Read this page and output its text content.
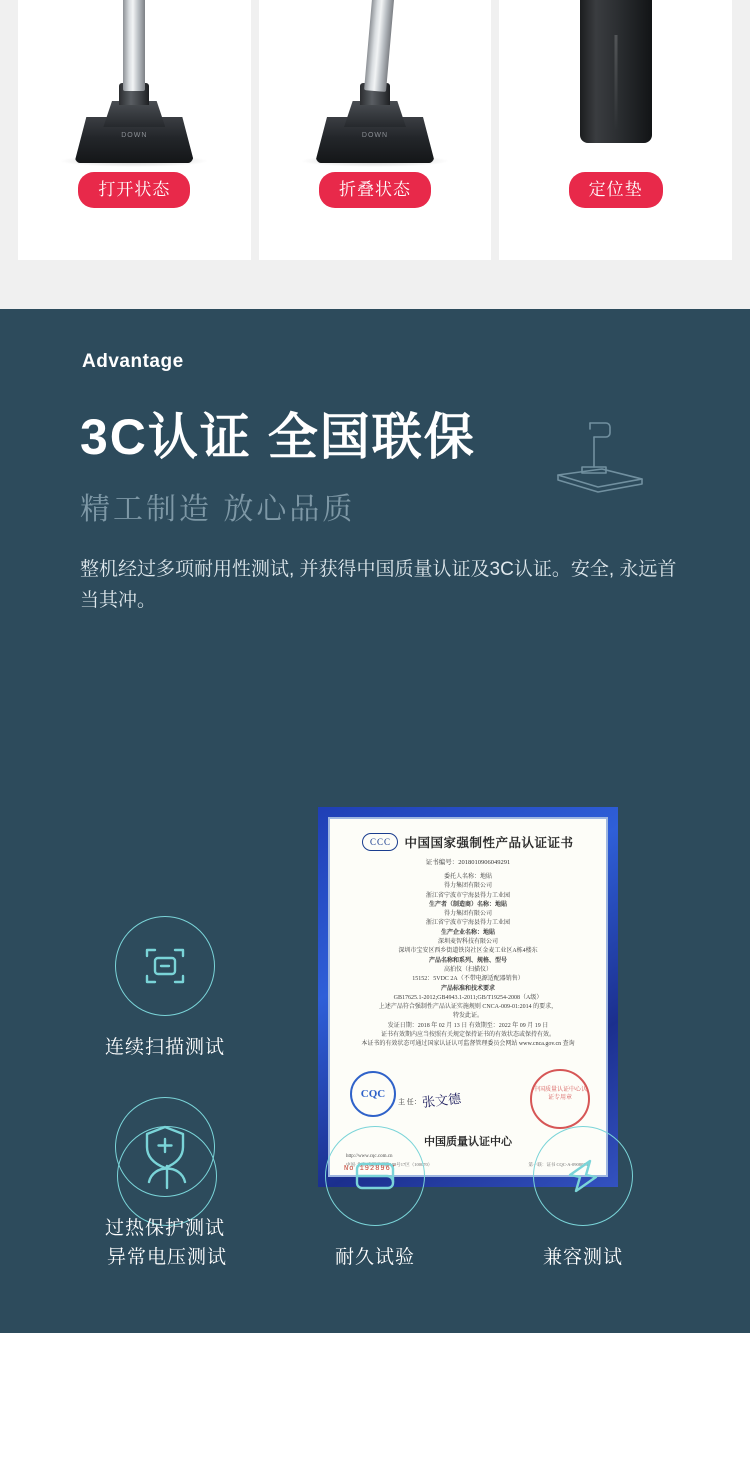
DOWN	DOWN
打开状态	折叠状态	定位垫
Advantage
3C认证 全国联保
精工制造 放心品质

整机经过多项耐用性测试, 并获得中国质量认证及3C认证。安全, 永远首当其冲。

CCC	中国国家强制性产品认证证书
证书编号：2018010906049291
委托人名称：地貼
得力集团有限公司
浙江省宁波市宁海县得力工业园
生产者（制造商）名称：地貼
得力集团有限公司
浙江省宁波市宁海县得力工业园
生产企业名称：地貼
深圳麦智科技有限公司
深圳市宝安区西乡街道铁岗社区金麦工业区A栋4楼东
产品名称和系列、规格、型号
高拍仪（扫描仪）
15152：5VDC 2A（不带电源适配器销售）
产品标准和技术要求
GB17625.1-2012;GB4943.1-2011;GB/T19254-2008（A级）
上述产品符合强制性产品认证实施规则 CNCA-009-01:2014 的要求，
特发此证。
发证日期：2018 年 02 月 13 日 有效期至：2022 年 09 月 19 日
证书有效期内应当按照有关规定保持证书的有效状态或保持有效。
本证书的有效状态可通过国家认证认可监督管理委员会网站 www.cnca.gov.cn 查询
CQC
主 任： 张文德
中国质量认证中心认证专用章
中国质量认证中心
http://www.cqc.com.cn
中国·北京·南四环西路188号17区（100070）	第一联：证书 CQC-A-09080600
No 1928967
连续扫描测试
过热保护测试
异常电压测试	耐久试验	兼容测试
